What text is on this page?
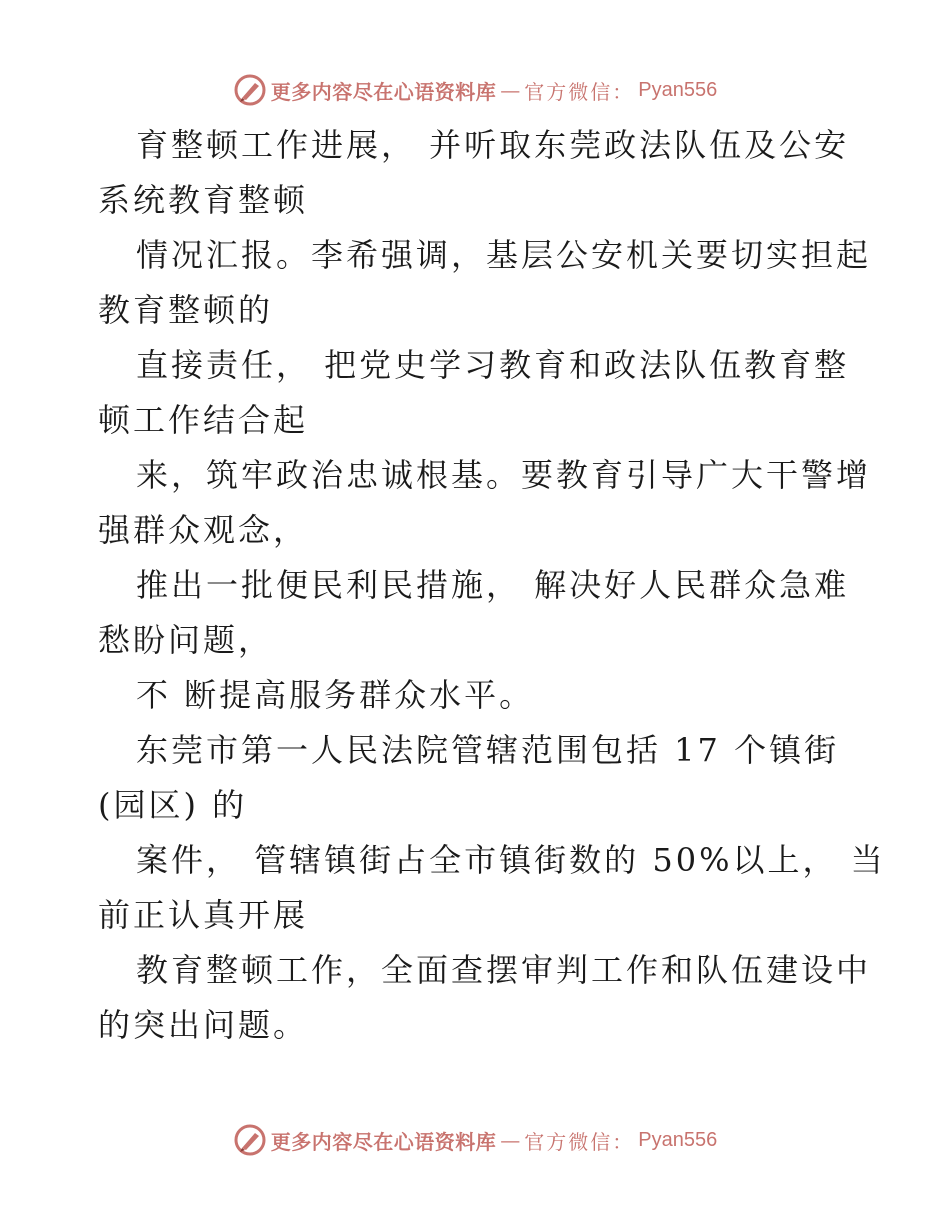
更多内容尽在心语资料库 — 官方微信： Pyan556

育整顿工作进展， 并听取东莞政法队伍及公安
系统教育整顿

情况汇报。李希强调，基层公安机关要切实担起
教育整顿的

直接责任， 把党史学习教育和政法队伍教育整
顿工作结合起

来，筑牢政治忠诚根基。要教育引导广大干警增
强群众观念，

推出一批便民利民措施， 解决好人民群众急难
愁盼问题，

不 断提高服务群众水平。

东莞市第一人民法院管辖范围包括 17 个镇街
(园区) 的

案件， 管辖镇街占全市镇街数的 50%以上， 当
前正认真开展

教育整顿工作，全面查摆审判工作和队伍建设中
的突出问题。

更多内容尽在心语资料库 — 官方微信： Pyan556
